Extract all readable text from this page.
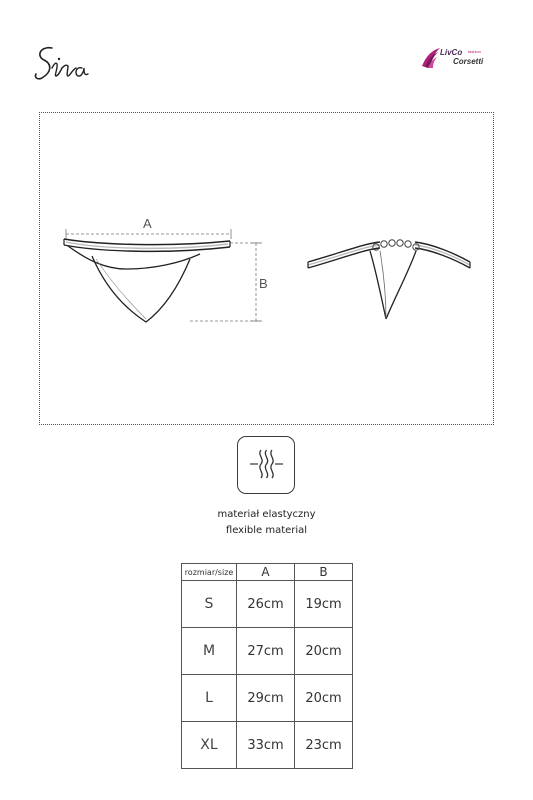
LivCo fashion
Corsetti
A
B
materiał elastyczny
flexible material
rozmiar/size	A	B
S	26cm	19cm
M	27cm	20cm
L	29cm	20cm
XL	33cm	23cm
